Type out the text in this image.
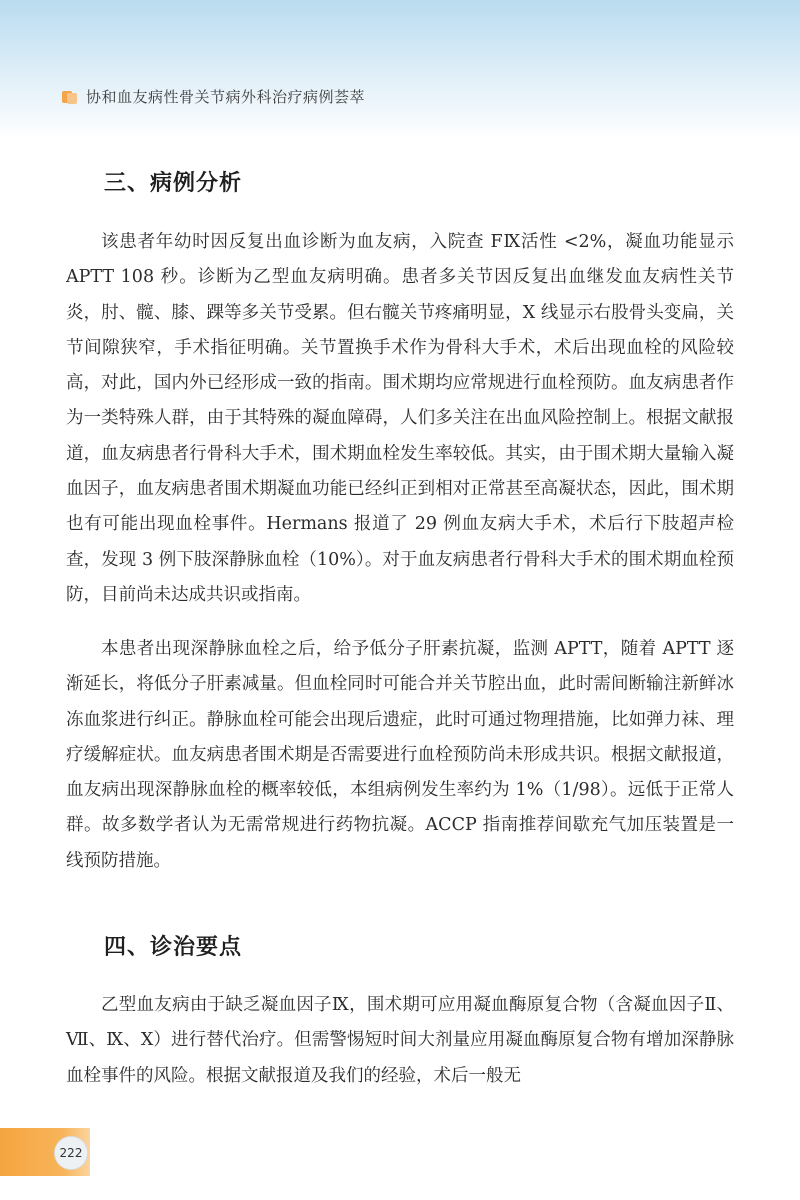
协和血友病性骨关节病外科治疗病例荟萃
三、病例分析

该患者年幼时因反复出血诊断为血友病，入院查 FⅨ活性 <2%，凝血功能显示 APTT 108 秒。诊断为乙型血友病明确。患者多关节因反复出血继发血友病性关节炎，肘、髋、膝、踝等多关节受累。但右髋关节疼痛明显，X 线显示右股骨头变扁，关节间隙狭窄，手术指征明确。关节置换手术作为骨科大手术，术后出现血栓的风险较高，对此，国内外已经形成一致的指南。围术期均应常规进行血栓预防。血友病患者作为一类特殊人群，由于其特殊的凝血障碍，人们多关注在出血风险控制上。根据文献报道，血友病患者行骨科大手术，围术期血栓发生率较低。其实，由于围术期大量输入凝血因子，血友病患者围术期凝血功能已经纠正到相对正常甚至高凝状态，因此，围术期也有可能出现血栓事件。Hermans 报道了 29 例血友病大手术，术后行下肢超声检查，发现 3 例下肢深静脉血栓（10%）。对于血友病患者行骨科大手术的围术期血栓预防，目前尚未达成共识或指南。

本患者出现深静脉血栓之后，给予低分子肝素抗凝，监测 APTT，随着 APTT 逐渐延长，将低分子肝素减量。但血栓同时可能合并关节腔出血，此时需间断输注新鲜冰冻血浆进行纠正。静脉血栓可能会出现后遗症，此时可通过物理措施，比如弹力袜、理疗缓解症状。血友病患者围术期是否需要进行血栓预防尚未形成共识。根据文献报道，血友病出现深静脉血栓的概率较低，本组病例发生率约为 1%（1/98）。远低于正常人群。故多数学者认为无需常规进行药物抗凝。ACCP 指南推荐间歇充气加压装置是一线预防措施。

四、诊治要点

乙型血友病由于缺乏凝血因子Ⅸ，围术期可应用凝血酶原复合物（含凝血因子Ⅱ、Ⅶ、Ⅸ、Ⅹ）进行替代治疗。但需警惕短时间大剂量应用凝血酶原复合物有增加深静脉血栓事件的风险。根据文献报道及我们的经验，术后一般无

222
